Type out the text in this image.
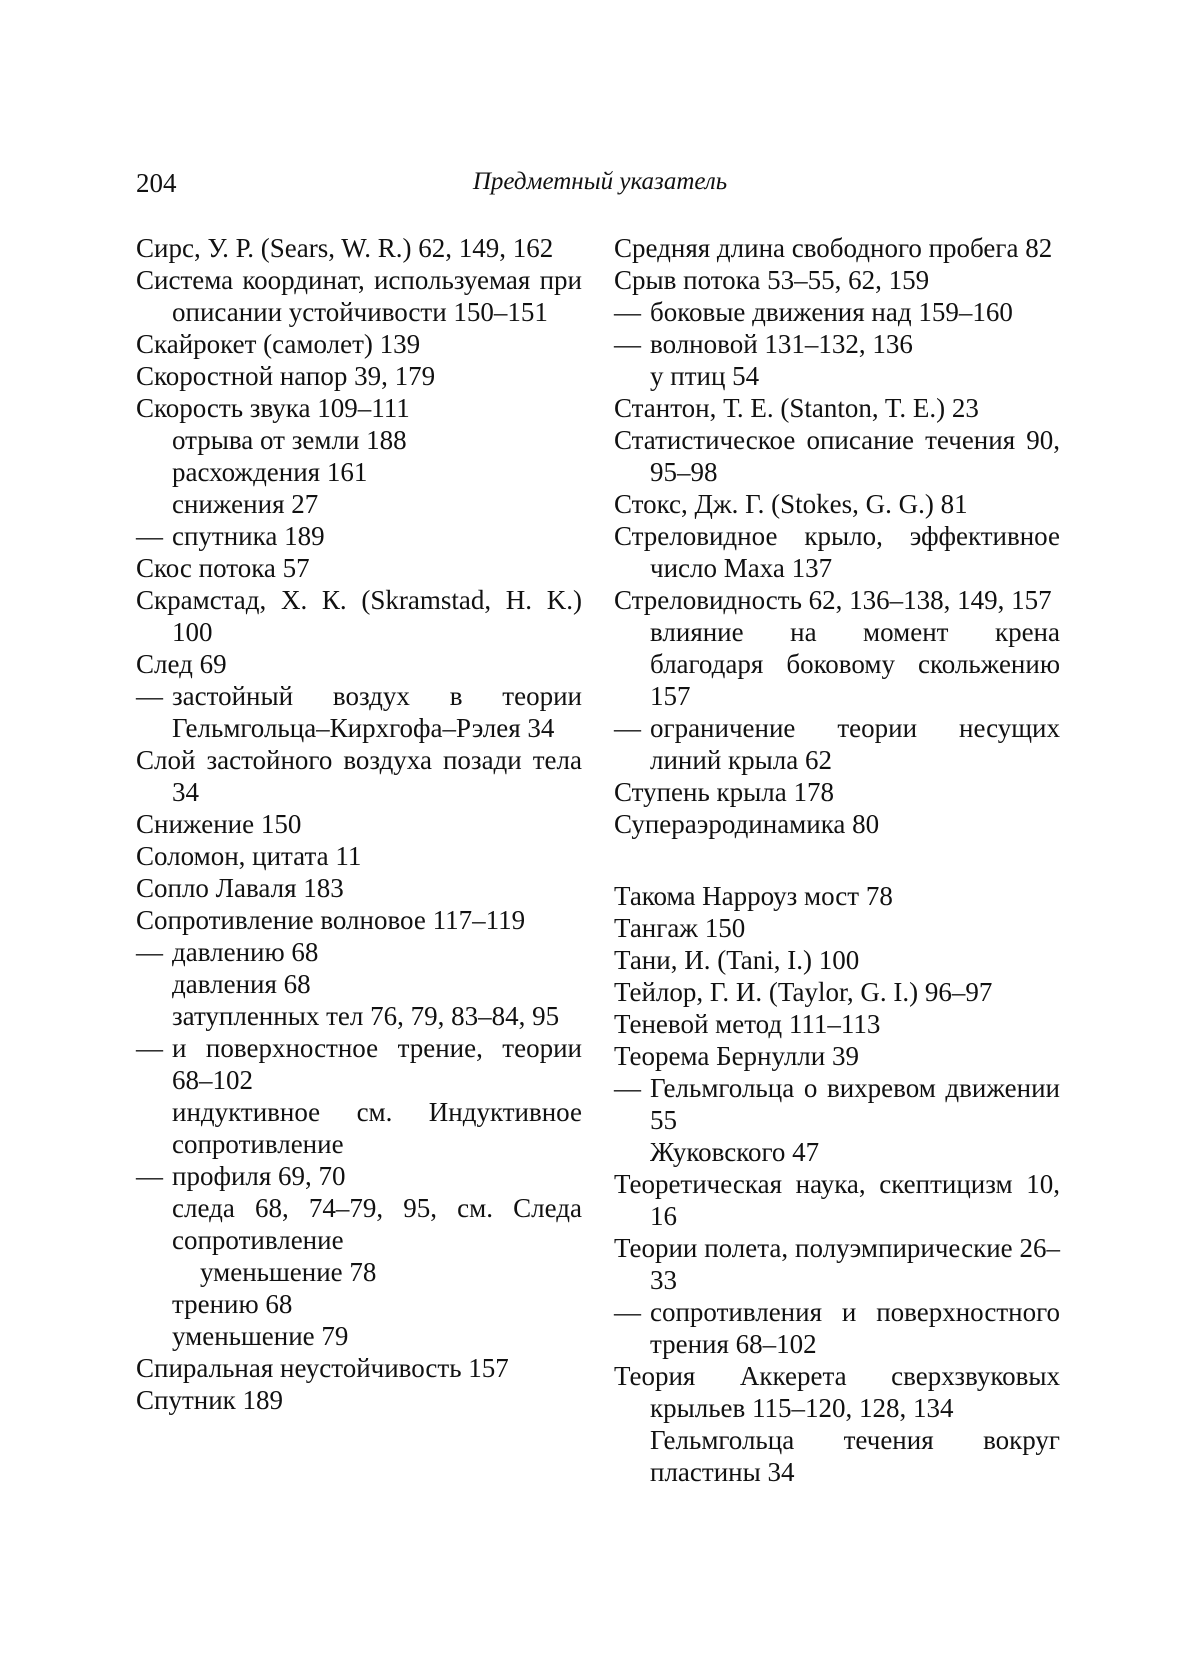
204	Предметный указатель
Сирс, У. Р. (Sears, W. R.) 62, 149, 162
Система координат, используемая при описании устойчивости 150–151
Скайрокет (самолет) 139
Скоростной напор 39, 179
Скорость звука 109–111
отрыва от земли 188
расхождения 161
снижения 27
— спутника 189
Скос потока 57
Скрамстад, Х. К. (Skramstad, H. K.) 100
След 69
— застойный воздух в теории Гельмгольца–Кирхгофа–Рэлея 34
Слой застойного воздуха позади тела 34
Снижение 150
Соломон, цитата 11
Сопло Лаваля 183
Сопротивление волновое 117–119
— давлению 68
давления 68
затупленных тел 76, 79, 83–84, 95
— и поверхностное трение, теории 68–102
индуктивное см. Индуктивное сопротивление
— профиля 69, 70
следа 68, 74–79, 95, см. Следа сопротивление
уменьшение 78
трению 68
уменьшение 79
Спиральная неустойчивость 157
Спутник 189
Средняя длина свободного пробега 82
Срыв потока 53–55, 62, 159
— боковые движения над 159–160
— волновой 131–132, 136
у птиц 54
Стантон, Т. Е. (Stanton, T. E.) 23
Статистическое описание течения 90, 95–98
Стокс, Дж. Г. (Stokes, G. G.) 81
Стреловидное крыло, эффективное число Маха 137
Стреловидность 62, 136–138, 149, 157
влияние на момент крена благодаря боковому скольжению 157
— ограничение теории несущих линий крыла 62
Ступень крыла 178
Супераэродинамика 80
Такома Нарроуз мост 78
Тангаж 150
Тани, И. (Tani, I.) 100
Тейлор, Г. И. (Taylor, G. I.) 96–97
Теневой метод 111–113
Теорема Бернулли 39
— Гельмгольца о вихревом движении 55
Жуковского 47
Теоретическая наука, скептицизм 10, 16
Теории полета, полуэмпирические 26–33
— сопротивления и поверхностного трения 68–102
Теория Аккерета сверхзвуковых крыльев 115–120, 128, 134
Гельмгольца течения вокруг пластины 34
